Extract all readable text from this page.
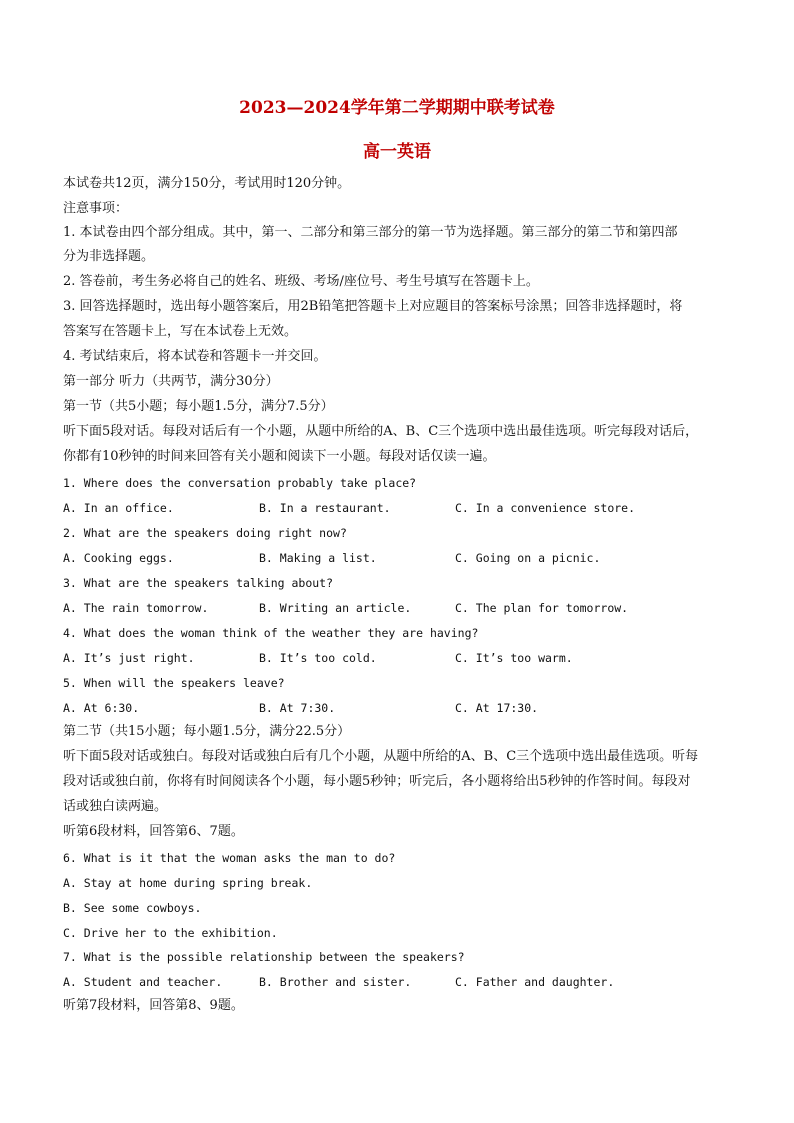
2023—2024学年第二学期期中联考试卷
高一英语
本试卷共12页，满分150分，考试用时120分钟。
注意事项：
1. 本试卷由四个部分组成。其中，第一、二部分和第三部分的第一节为选择题。第三部分的第二节和第四部
分为非选择题。
2. 答卷前，考生务必将自己的姓名、班级、考场/座位号、考生号填写在答题卡上。
3. 回答选择题时，选出每小题答案后，用2B铅笔把答题卡上对应题目的答案标号涂黑；回答非选择题时，将
答案写在答题卡上，写在本试卷上无效。
4. 考试结束后，将本试卷和答题卡一并交回。
第一部分 听力（共两节，满分30分）
第一节（共5小题；每小题1.5分，满分7.5分）
听下面5段对话。每段对话后有一个小题，从题中所给的A、B、C三个选项中选出最佳选项。听完每段对话后，
你都有10秒钟的时间来回答有关小题和阅读下一小题。每段对话仅读一遍。
1. Where does the conversation probably take place?
A. In an office.	B. In a restaurant.	C. In a convenience store.
2. What are the speakers doing right now?
A. Cooking eggs.	B. Making a list.	C. Going on a picnic.
3. What are the speakers talking about?
A. The rain tomorrow.	B. Writing an article.	C. The plan for tomorrow.
4. What does the woman think of the weather they are having?
A. It’s just right.	B. It’s too cold.	C. It’s too warm.
5. When will the speakers leave?
A. At 6:30.	B. At 7:30.	C. At 17:30.
第二节（共15小题；每小题1.5分，满分22.5分）
听下面5段对话或独白。每段对话或独白后有几个小题，从题中所给的A、B、C三个选项中选出最佳选项。听每
段对话或独白前，你将有时间阅读各个小题，每小题5秒钟；听完后，各小题将给出5秒钟的作答时间。每段对
话或独白读两遍。
听第6段材料，回答第6、7题。
6. What is it that the woman asks the man to do?
A. Stay at home during spring break.
B. See some cowboys.
C. Drive her to the exhibition.
7. What is the possible relationship between the speakers?
A. Student and teacher.	B. Brother and sister.	C. Father and daughter.
听第7段材料，回答第8、9题。
